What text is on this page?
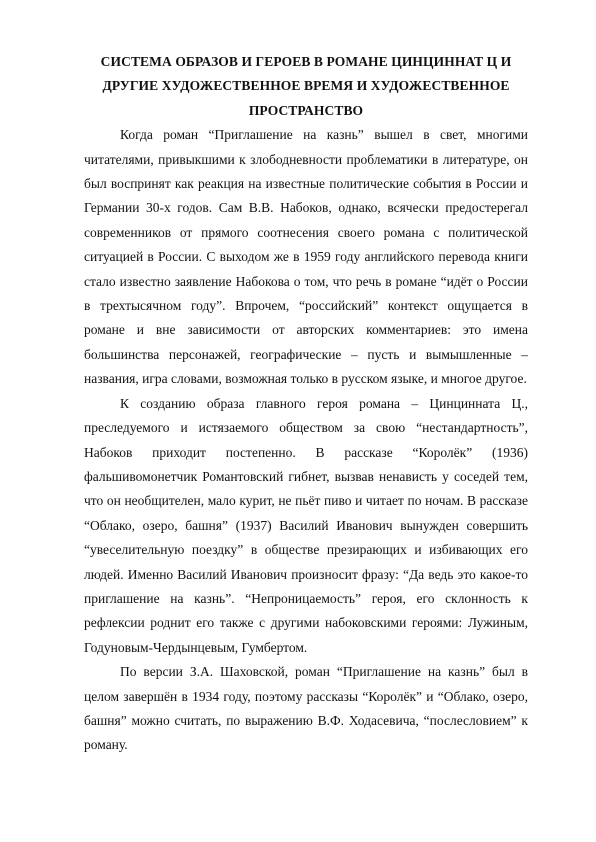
СИСТЕМА ОБРАЗОВ И ГЕРОЕВ В РОМАНЕ ЦИНЦИННАТ Ц И
ДРУГИЕ ХУДОЖЕСТВЕННОЕ ВРЕМЯ И ХУДОЖЕСТВЕННОЕ
ПРОСТРАНСТВО

Когда роман “Приглашение на казнь” вышел в свет, многими читателями, привыкшими к злободневности проблематики в литературе, он был воспринят как реакция на известные политические события в России и Германии 30-х годов. Сам В.В. Набоков, однако, всячески предостерегал современников от прямого соотнесения своего романа с политической ситуацией в России. С выходом же в 1959 году английского перевода книги стало известно заявление Набокова о том, что речь в романе “идёт о России в трехтысячном году”. Впрочем, “российский” контекст ощущается в романе и вне зависимости от авторских комментариев: это имена большинства персонажей, географические – пусть и вымышленные – названия, игра словами, возможная только в русском языке, и многое другое.

К созданию образа главного героя романа – Цинцинната Ц., преследуемого и истязаемого обществом за свою “нестандартность”, Набоков приходит постепенно. В рассказе “Королёк” (1936) фальшивомонетчик Романтовский гибнет, вызвав ненависть у соседей тем, что он необщителен, мало курит, не пьёт пиво и читает по ночам. В рассказе “Облако, озеро, башня” (1937) Василий Иванович вынужден совершить “увеселительную поездку” в обществе презирающих и избивающих его людей. Именно Василий Иванович произносит фразу: “Да ведь это какое-то приглашение на казнь”. “Непроницаемость” героя, его склонность к рефлексии роднит его также с другими набоковскими героями: Лужиным, Годуновым-Чердынцевым, Гумбертом.

По версии З.А. Шаховской, роман “Приглашение на казнь” был в целом завершён в 1934 году, поэтому рассказы “Королёк” и “Облако, озеро, башня” можно считать, по выражению В.Ф. Ходасевича, “послесловием” к роману.
